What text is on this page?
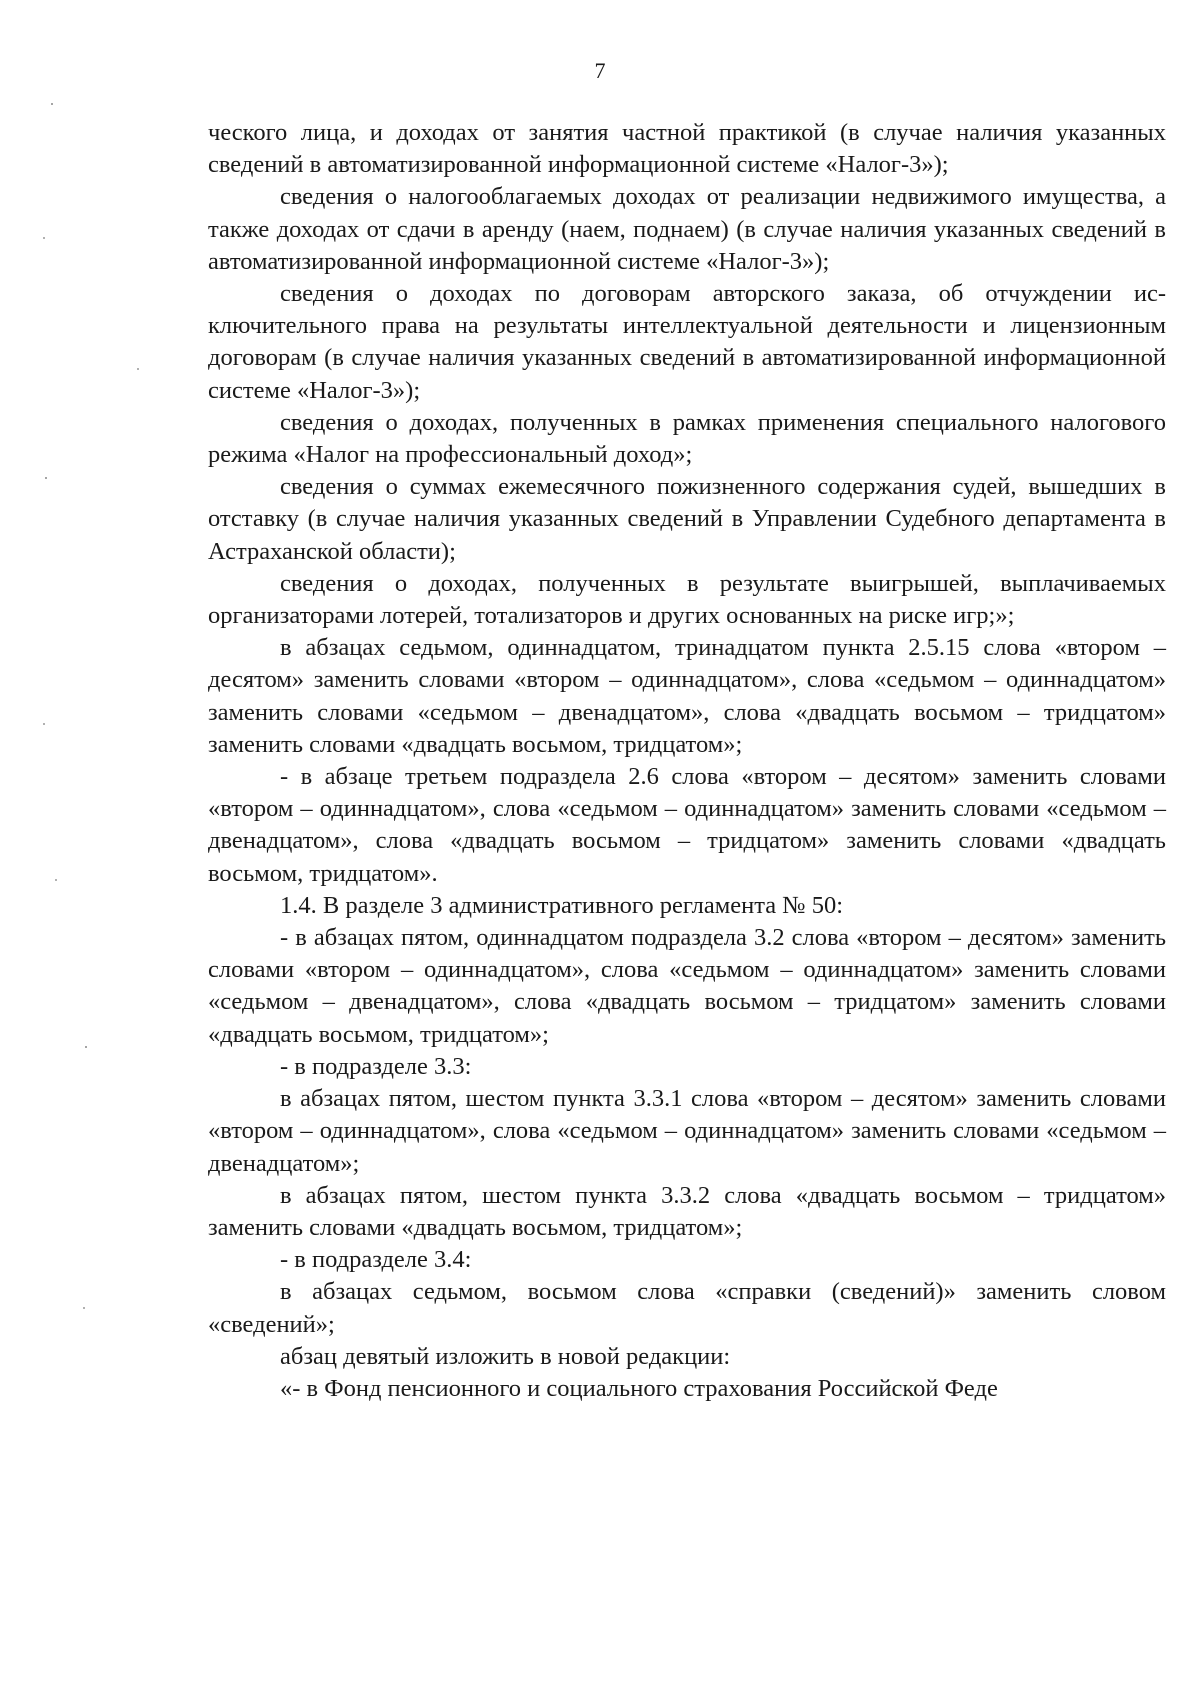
7

ческого лица, и доходах от занятия частной практикой (в случае наличия указанных сведений в автоматизированной информационной системе «Налог-3»);

сведения о налогооблагаемых доходах от реализации недвижимого имущества, а также доходах от сдачи в аренду (наем, поднаем) (в случае наличия указанных сведений в автоматизированной информационной системе «Налог-3»);

сведения о доходах по договорам авторского заказа, об отчуждении исключительного права на результаты интеллектуальной деятельности и лицензионным договорам (в случае наличия указанных сведений в автоматизированной информационной системе «Налог-3»);

сведения о доходах, полученных в рамках применения специального налогового режима «Налог на профессиональный доход»;

сведения о суммах ежемесячного пожизненного содержания судей, вышедших в отставку (в случае наличия указанных сведений в Управлении Судебного департамента в Астраханской области);

сведения о доходах, полученных в результате выигрышей, выплачиваемых организаторами лотерей, тотализаторов и других основанных на риске игр;»;

в абзацах седьмом, одиннадцатом, тринадцатом пункта 2.5.15 слова «втором – десятом» заменить словами «втором – одиннадцатом», слова «седьмом – одиннадцатом» заменить словами «седьмом – двенадцатом», слова «двадцать восьмом – тридцатом» заменить словами «двадцать восьмом, тридцатом»;

- в абзаце третьем подраздела 2.6 слова «втором – десятом» заменить словами «втором – одиннадцатом», слова «седьмом – одиннадцатом» заменить словами «седьмом – двенадцатом», слова «двадцать восьмом – тридцатом» заменить словами «двадцать восьмом, тридцатом».

1.4. В разделе 3 административного регламента № 50:

- в абзацах пятом, одиннадцатом подраздела 3.2 слова «втором – десятом» заменить словами «втором – одиннадцатом», слова «седьмом – одиннадцатом» заменить словами «седьмом – двенадцатом», слова «двадцать восьмом – тридцатом» заменить словами «двадцать восьмом, тридцатом»;

- в подразделе 3.3:

в абзацах пятом, шестом пункта 3.3.1 слова «втором – десятом» заменить словами «втором – одиннадцатом», слова «седьмом – одиннадцатом» заменить словами «седьмом – двенадцатом»;

в абзацах пятом, шестом пункта 3.3.2 слова «двадцать восьмом – тридцатом» заменить словами «двадцать восьмом, тридцатом»;

- в подразделе 3.4:

в абзацах седьмом, восьмом слова «справки (сведений)» заменить словом «сведений»;

абзац девятый изложить в новой редакции:

«- в Фонд пенсионного и социального страхования Российской Феде
